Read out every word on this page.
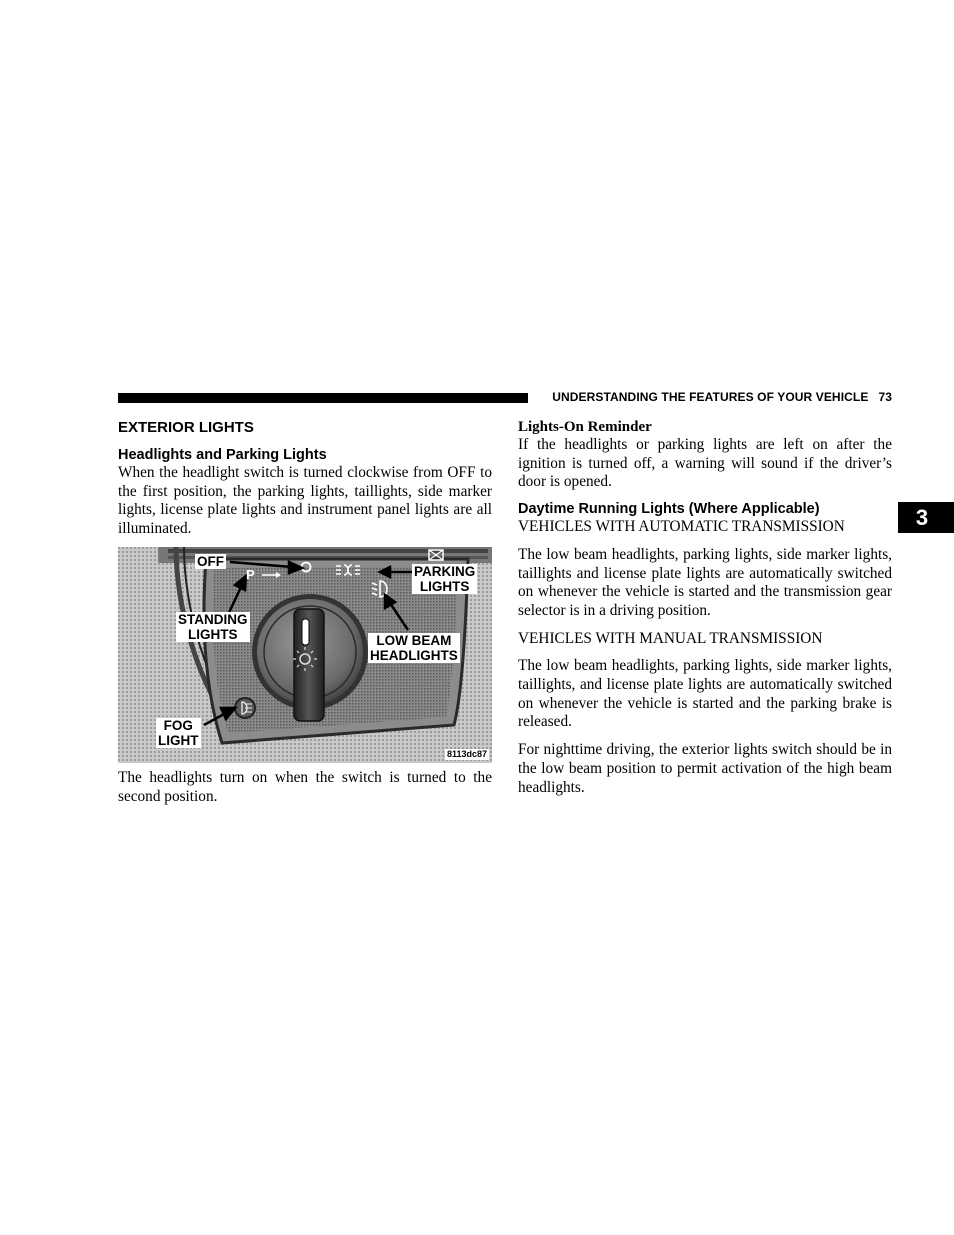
UNDERSTANDING THE FEATURES OF YOUR VEHICLE 73
3
EXTERIOR LIGHTS
Headlights and Parking Lights

When the headlight switch is turned clockwise from OFF to the first position, the parking lights, taillights, side marker lights, license plate lights and instrument panel lights are all illuminated.

OFF
PARKING
LIGHTS
P
STANDING
LIGHTS	LOW BEAM
HEADLIGHTS
FOG
LIGHT
8113dc87

The headlights turn on when the switch is turned to the second position.

Lights-On Reminder

If the headlights or parking lights are left on after the ignition is turned off, a warning will sound if the driver’s door is opened.

Daytime Running Lights (Where Applicable)

VEHICLES WITH AUTOMATIC TRANSMISSION

The low beam headlights, parking lights, side marker lights, taillights and license plate lights are automatically switched on whenever the vehicle is started and the transmission gear selector is in a driving position.

VEHICLES WITH MANUAL TRANSMISSION

The low beam headlights, parking lights, side marker lights, taillights, and license plate lights are automatically switched on whenever the vehicle is started and the parking brake is released.

For nighttime driving, the exterior lights switch should be in the low beam position to permit activation of the high beam headlights.
